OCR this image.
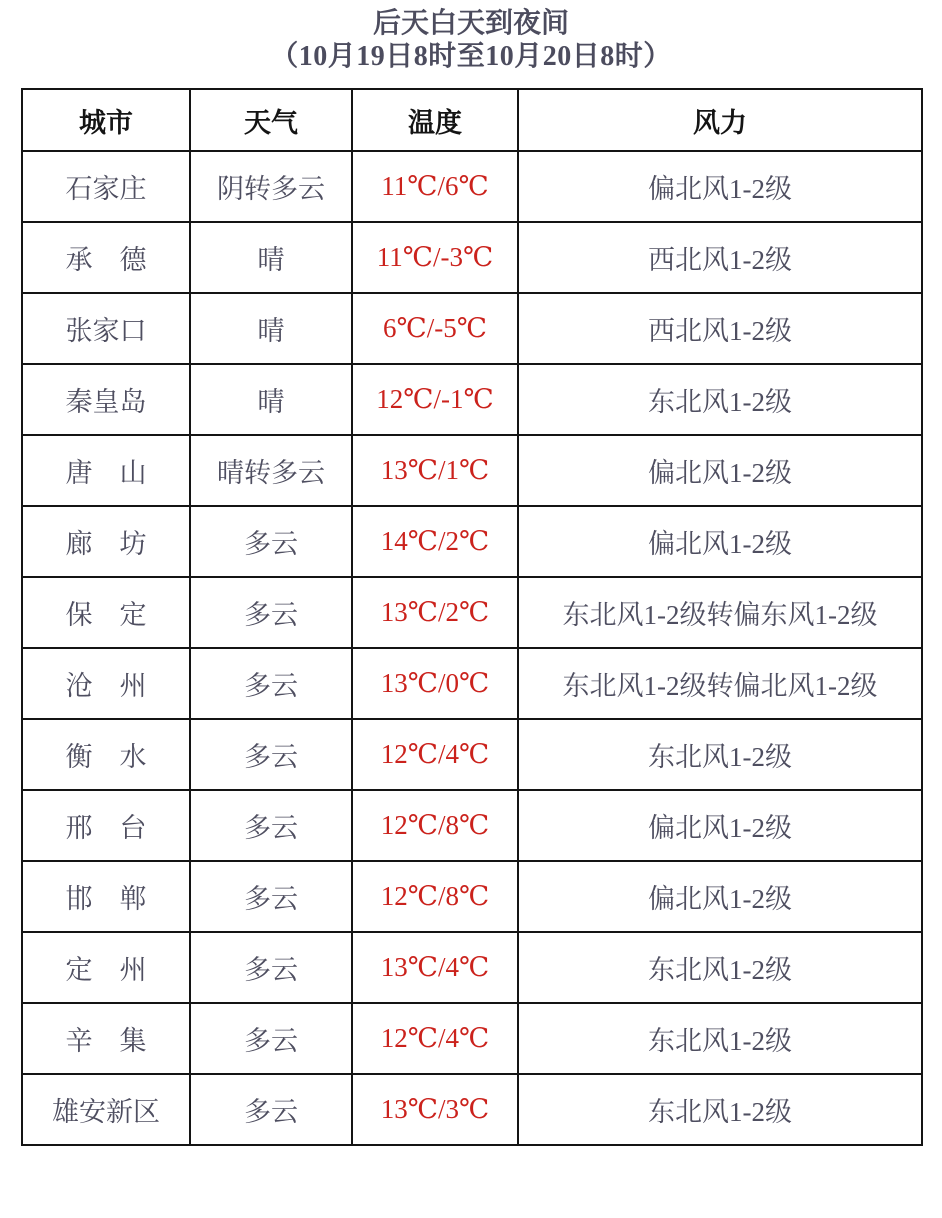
后天白天到夜间
（10月19日8时至10月20日8时）
城市	天气	温度	风力
石家庄	阴转多云	11℃/6℃	偏北风1-2级
承 德	晴	11℃/-3℃	西北风1-2级
张家口	晴	6℃/-5℃	西北风1-2级
秦皇岛	晴	12℃/-1℃	东北风1-2级
唐 山	晴转多云	13℃/1℃	偏北风1-2级
廊 坊	多云	14℃/2℃	偏北风1-2级
保 定	多云	13℃/2℃	东北风1-2级转偏东风1-2级
沧 州	多云	13℃/0℃	东北风1-2级转偏北风1-2级
衡 水	多云	12℃/4℃	东北风1-2级
邢 台	多云	12℃/8℃	偏北风1-2级
邯 郸	多云	12℃/8℃	偏北风1-2级
定 州	多云	13℃/4℃	东北风1-2级
辛 集	多云	12℃/4℃	东北风1-2级
雄安新区	多云	13℃/3℃	东北风1-2级
